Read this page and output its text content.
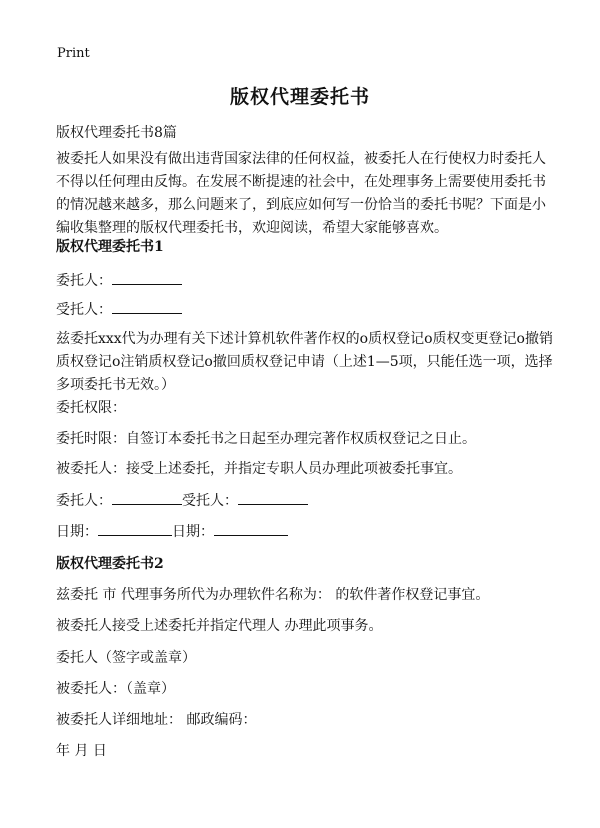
Print
版权代理委托书
版权代理委托书8篇
被委托人如果没有做出违背国家法律的任何权益，被委托人在行使权力时委托人不得以任何理由反悔。在发展不断提速的社会中，在处理事务上需要使用委托书的情况越来越多，那么问题来了，到底应如何写一份恰当的委托书呢？下面是小编收集整理的版权代理委托书，欢迎阅读，希望大家能够喜欢。
版权代理委托书1
委托人：
受托人：
兹委托xxx代为办理有关下述计算机软件著作权的o质权登记o质权变更登记o撤销质权登记o注销质权登记o撤回质权登记申请（上述1—5项，只能任选一项，选择多项委托书无效。）
委托权限：
委托时限：自签订本委托书之日起至办理完著作权质权登记之日止。
被委托人：接受上述委托，并指定专职人员办理此项被委托事宜。
委托人：	受托人：
日期：	日期：
版权代理委托书2
兹委托 市 代理事务所代为办理软件名称为： 的软件著作权登记事宜。
被委托人接受上述委托并指定代理人 办理此项事务。
委托人（签字或盖章）
被委托人：（盖章）
被委托人详细地址： 邮政编码：
年 月 日
